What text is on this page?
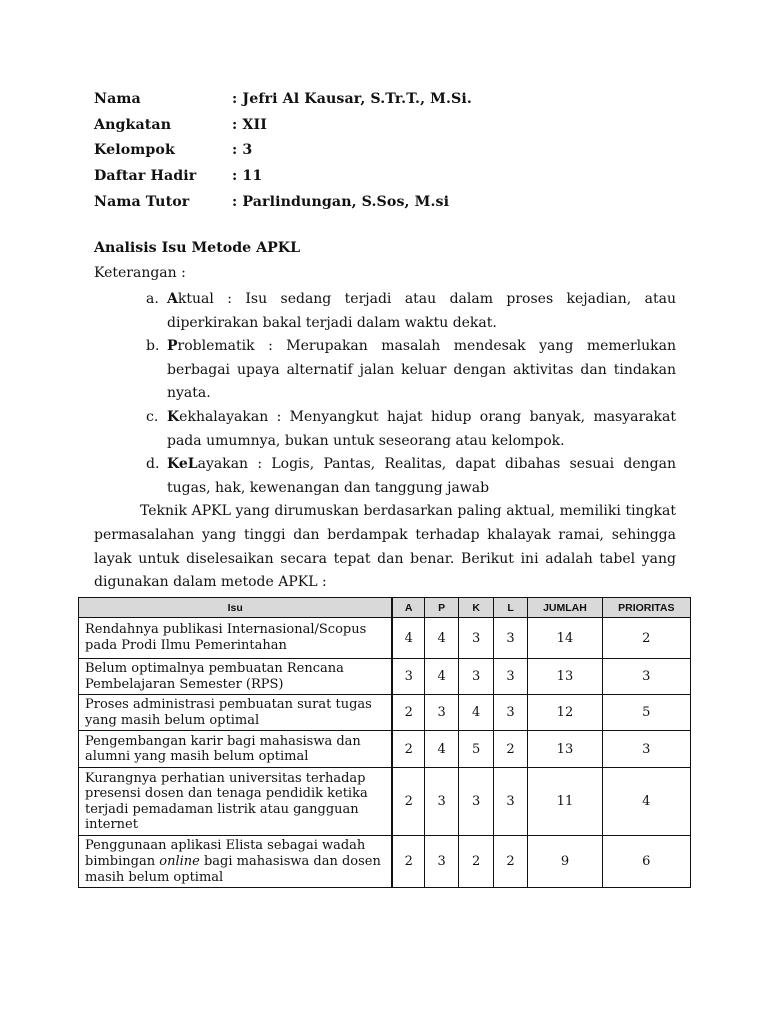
Nama	: Jefri Al Kausar, S.Tr.T., M.Si.
Angkatan	: XII
Kelompok	: 3
Daftar Hadir	: 11
Nama Tutor	: Parlindungan, S.Sos, M.si
Analisis Isu Metode APKL
Keterangan :
a. Aktual : Isu sedang terjadi atau dalam proses kejadian, atau diperkirakan bakal terjadi dalam waktu dekat.
b. Problematik : Merupakan masalah mendesak yang memerlukan berbagai upaya alternatif jalan keluar dengan aktivitas dan tindakan nyata.
c. Kekhalayakan : Menyangkut hajat hidup orang banyak, masyarakat pada umumnya, bukan untuk seseorang atau kelompok.
d. KeLayakan : Logis, Pantas, Realitas, dapat dibahas sesuai dengan tugas, hak, kewenangan dan tanggung jawab
Teknik APKL yang dirumuskan berdasarkan paling aktual, memiliki tingkat permasalahan yang tinggi dan berdampak terhadap khalayak ramai, sehingga layak untuk diselesaikan secara tepat dan benar. Berikut ini adalah tabel yang digunakan dalam metode APKL :
Isu	A	P	K	L	JUMLAH	PRIORITAS
Rendahnya publikasi Internasional/Scopus pada Prodi Ilmu Pemerintahan	4	4	3	3	14	2
Belum optimalnya pembuatan Rencana Pembelajaran Semester (RPS)	3	4	3	3	13	3
Proses administrasi pembuatan surat tugas yang masih belum optimal	2	3	4	3	12	5
Pengembangan karir bagi mahasiswa dan alumni yang masih belum optimal	2	4	5	2	13	3
Kurangnya perhatian universitas terhadap presensi dosen dan tenaga pendidik ketika terjadi pemadaman listrik atau gangguan internet	2	3	3	3	11	4
Penggunaan aplikasi Elista sebagai wadah bimbingan online bagi mahasiswa dan dosen masih belum optimal	2	3	2	2	9	6
